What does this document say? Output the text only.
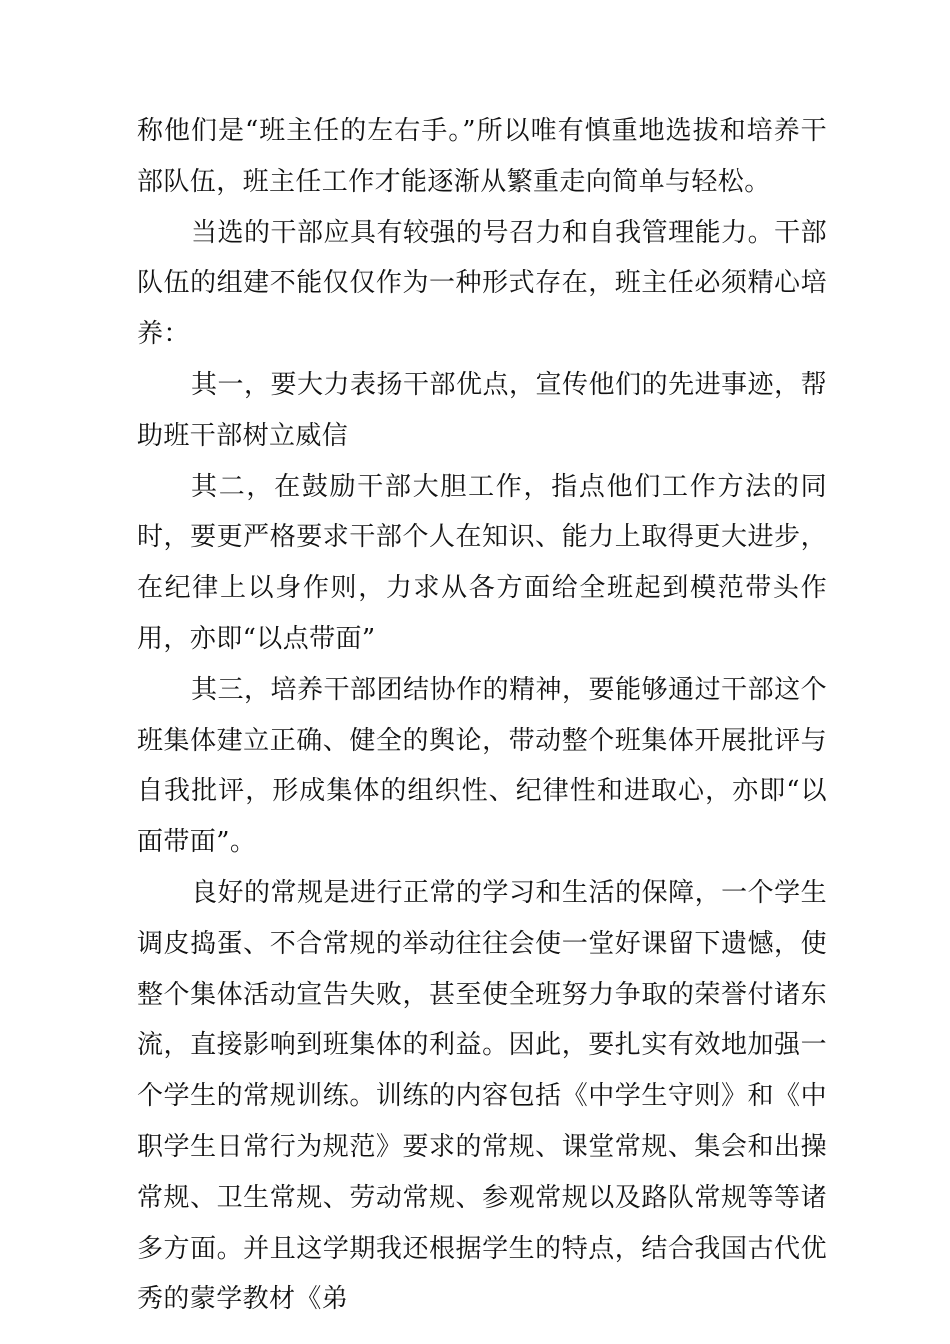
称他们是“班主任的左右手。”所以唯有慎重地选拔和培养干部队伍，班主任工作才能逐渐从繁重走向简单与轻松。

当选的干部应具有较强的号召力和自我管理能力。干部队伍的组建不能仅仅作为一种形式存在，班主任必须精心培养：

其一，要大力表扬干部优点，宣传他们的先进事迹，帮助班干部树立威信

其二，在鼓励干部大胆工作，指点他们工作方法的同时，要更严格要求干部个人在知识、能力上取得更大进步，在纪律上以身作则，力求从各方面给全班起到模范带头作用，亦即“以点带面”

其三，培养干部团结协作的精神，要能够通过干部这个班集体建立正确、健全的舆论，带动整个班集体开展批评与自我批评，形成集体的组织性、纪律性和进取心，亦即“以面带面”。

良好的常规是进行正常的学习和生活的保障，一个学生调皮捣蛋、不合常规的举动往往会使一堂好课留下遗憾，使整个集体活动宣告失败，甚至使全班努力争取的荣誉付诸东流，直接影响到班集体的利益。因此，要扎实有效地加强一个学生的常规训练。训练的内容包括《中学生守则》和《中职学生日常行为规范》要求的常规、课堂常规、集会和出操常规、卫生常规、劳动常规、参观常规以及路队常规等等诸多方面。并且这学期我还根据学生的特点，结合我国古代优秀的蒙学教材《弟
